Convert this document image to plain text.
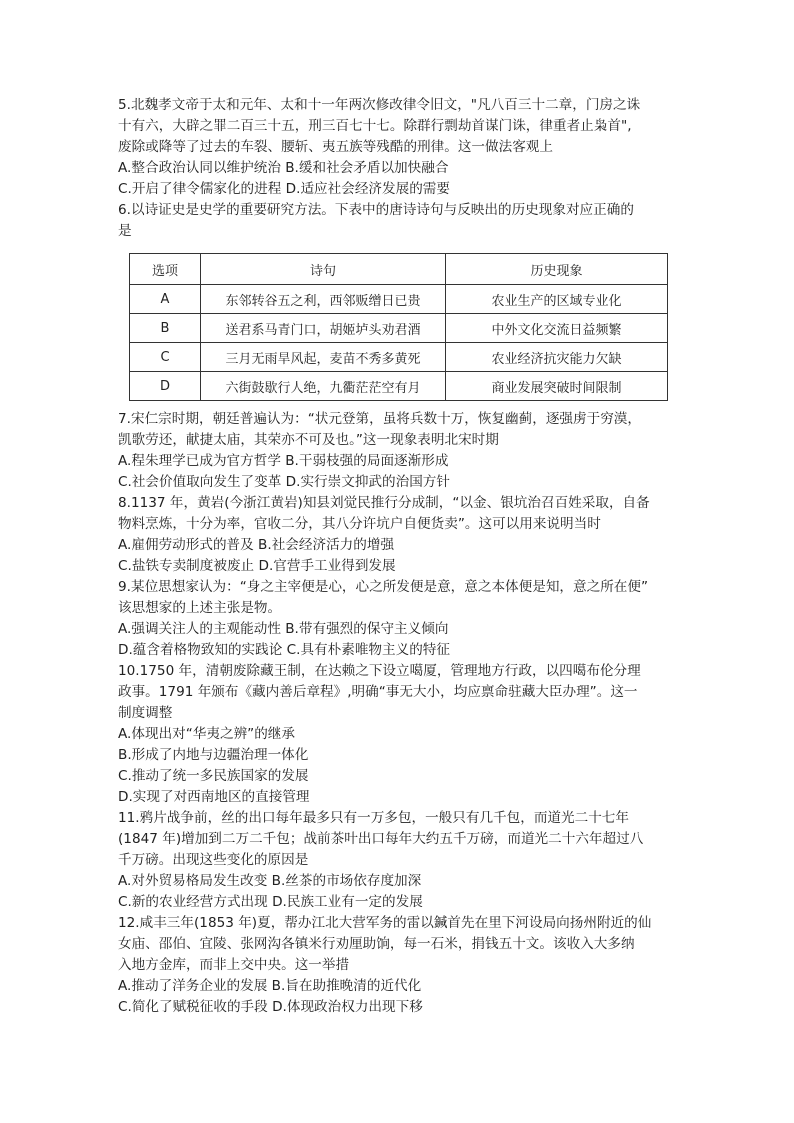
5.北魏孝文帝于太和元年、太和十一年两次修改律令旧文，"凡八百三十二章，门房之诛
十有六，大辟之罪二百三十五，刑三百七十七。除群行剽劫首谋门诛，律重者止枭首",
废除或降等了过去的车裂、腰斩、夷五族等残酷的刑律。这一做法客观上
A.整合政治认同以维护统治 B.缓和社会矛盾以加快融合
C.开启了律令儒家化的进程 D.适应社会经济发展的需要
6.以诗证史是史学的重要研究方法。下表中的唐诗诗句与反映出的历史现象对应正确的
是
选项	诗句	历史现象
A	东邻转谷五之利，西邻贩缯日已贵	农业生产的区域专业化
B	送君系马青门口，胡姬垆头劝君酒	中外文化交流日益频繁
C	三月无雨旱风起，麦苗不秀多黄死	农业经济抗灾能力欠缺
D	六街鼓歇行人绝，九衢茫茫空有月	商业发展突破时间限制
7.宋仁宗时期，朝廷普遍认为：“状元登第，虽将兵数十万，恢复幽蓟，逐强虏于穷漠，
凯歌劳还，献捷太庙，其荣亦不可及也。”这一现象表明北宋时期
A.程朱理学已成为官方哲学 B.干弱枝强的局面逐渐形成
C.社会价值取向发生了变革 D.实行崇文抑武的治国方针
8.1137 年，黄岩(今浙江黄岩)知县刘觉民推行分成制，“以金、银坑治召百姓采取，自备
物料烹炼，十分为率，官收二分，其八分许坑户自便货卖”。这可以用来说明当时
A.雇佣劳动形式的普及 B.社会经济活力的增强
C.盐铁专卖制度被废止 D.官营手工业得到发展
9.某位思想家认为：“身之主宰便是心，心之所发便是意，意之本体便是知，意之所在便”
该思想家的上述主张是物。
A.强调关注人的主观能动性 B.带有强烈的保守主义倾向
D.蕴含着格物致知的实践论 C.具有朴素唯物主义的特征
10.1750 年，清朝废除藏王制，在达赖之下设立噶厦，管理地方行政，以四噶布伦分理
政事。1791 年颁布《藏内善后章程》,明确“事无大小，均应禀命驻藏大臣办理”。这一
制度调整
A.体现出对“华夷之辨”的继承
B.形成了内地与边疆治理一体化
C.推动了统一多民族国家的发展
D.实现了对西南地区的直接管理
11.鸦片战争前，丝的出口每年最多只有一万多包，一般只有几千包，而道光二十七年
(1847 年)增加到二万二千包；战前茶叶出口每年大约五千万磅，而道光二十六年超过八
千万磅。出现这些变化的原因是
A.对外贸易格局发生改变 B.丝茶的市场依存度加深
C.新的农业经营方式出现 D.民族工业有一定的发展
12.咸丰三年(1853 年)夏，帮办江北大营军务的雷以鍼首先在里下河设局向扬州附近的仙
女庙、邵伯、宜陵、张网沟各镇米行劝厘助饷，每一石米，捐钱五十文。该收入大多纳
入地方金库，而非上交中央。这一举措
A.推动了洋务企业的发展 B.旨在助推晚清的近代化
C.简化了赋税征收的手段 D.体现政治权力出现下移
